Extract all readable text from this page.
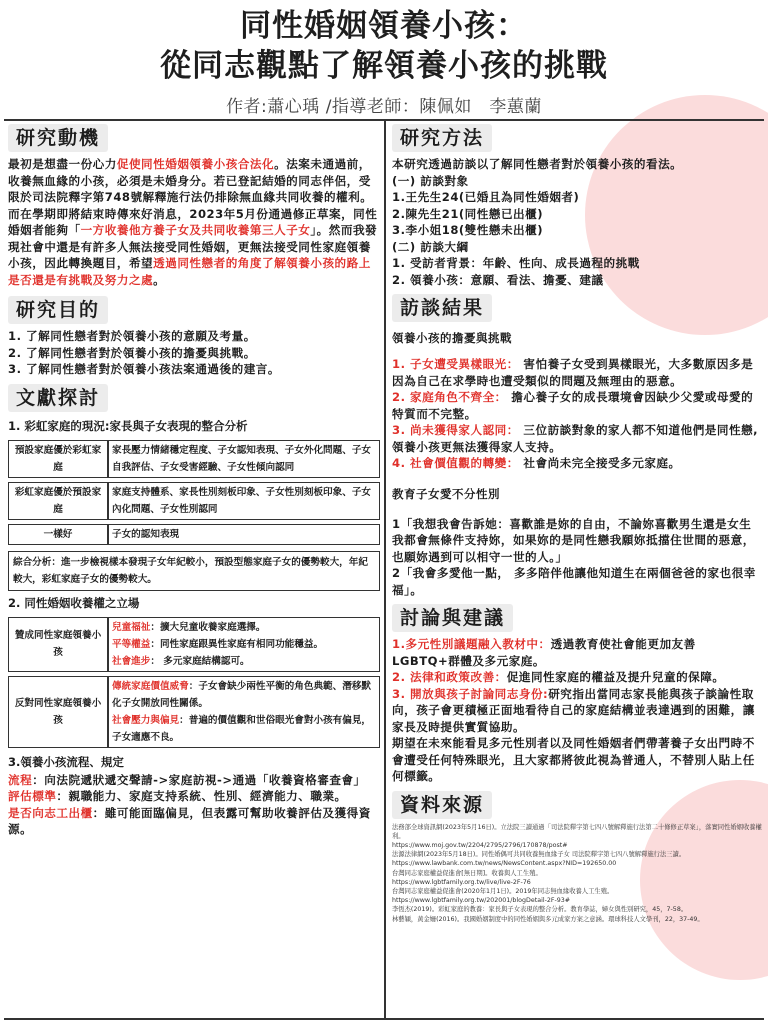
同性婚姻領養小孩：
從同志觀點了解領養小孩的挑戰
作者:蕭心瑀 /指導老師：陳佩如　李蕙蘭
研究動機
最初是想盡一份心力促使同性婚姻領養小孩合法化。法案未通過前，收養無血緣的小孩，必須是未婚身分。若已登記結婚的同志伴侶，受限於司法院釋字第748號解釋施行法仍排除無血緣共同收養的權利。而在學期即將結束時傳來好消息，2023年5月份通過修正草案，同性婚姻者能夠「一方收養他方養子女及共同收養第三人子女」。然而我發現社會中還是有許多人無法接受同性婚姻，更無法接受同性家庭領養小孩，因此轉換題目，希望透過同性戀者的角度了解領養小孩的路上是否還是有挑戰及努力之處。
研究目的
1. 了解同性戀者對於領養小孩的意願及考量。
2. 了解同性戀者對於領養小孩的擔憂與挑戰。
3. 了解同性戀者對於領養小孩法案通過後的建言。
文獻探討
1. 彩虹家庭的現況:家長與子女表現的整合分析
預設家庭優於彩虹家庭	家長壓力情緒穩定程度、子女認知表現、子女外化問題、子女自我評估、子女受害經驗、子女性傾向認同
彩虹家庭優於預設家庭	家庭支持體系、家長性別刻板印象、子女性別刻板印象、子女內化問題、子女性別認同
一樣好	子女的認知表現
綜合分析：進一步檢視樣本發現子女年紀較小，預設型態家庭子女的優勢較大，年紀較大，彩虹家庭子女的優勢較大。
2. 同性婚姻收養權之立場
贊成同性家庭領養小孩	兒童福祉：擴大兒童收養家庭選擇。
平等權益：同性家庭跟異性家庭有相同功能穩益。
社會進步： 多元家庭結構認可。

反對同性家庭領養小孩	傳統家庭價值威脅：子女會缺少兩性平衡的角色典範、潛移默化子女開放同性關係。
社會壓力與偏見：普遍的價值觀和世俗眼光會對小孩有偏見，子女適應不良。
3.領養小孩流程、規定
流程：向法院遞狀遞交聲請->家庭訪視->通過「收養資格審查會」
評估標準：親職能力、家庭支持系統、性別、經濟能力、職業。
是否向志工出櫃：雖可能面臨偏見，但表露可幫助收養評估及獲得資源。
研究方法
本研究透過訪談以了解同性戀者對於領養小孩的看法。
(一) 訪談對象
1.王先生24(已婚且為同性婚姻者)
2.陳先生21(同性戀已出櫃)
3.李小姐18(雙性戀未出櫃)
(二) 訪談大綱
1. 受訪者背景：年齡、性向、成長過程的挑戰
2. 領養小孩：意願、看法、擔憂、建議
訪談結果
領養小孩的擔憂與挑戰
1. 子女遭受異樣眼光： 害怕養子女受到異樣眼光，大多數原因多是因為自己在求學時也遭受類似的問題及無理由的惡意。
2. 家庭角色不齊全： 擔心養子女的成長環境會因缺少父愛或母愛的特質而不完整。
3. 尚未獲得家人認同： 三位訪談對象的家人都不知道他們是同性戀,領養小孩更無法獲得家人支持。
4. 社會價值觀的轉變： 社會尚未完全接受多元家庭。
教育子女愛不分性別
1「我想我會告訴她：喜歡誰是妳的自由，不論妳喜歡男生還是女生我都會無條件支持妳，如果妳的是同性戀我願妳抵擋住世間的惡意，也願妳遇到可以相守一世的人。」
2「我會多愛他一點， 多多陪伴他讓他知道生在兩個爸爸的家也很幸福」。
討論與建議
1.多元性別議題融入教材中：透過教育使社會能更加友善LGBTQ+群體及多元家庭。
2. 法律和政策改善：促進同性家庭的權益及提升兒童的保障。
3. 開放與孩子討論同志身份:研究指出當同志家長能與孩子談論性取向，孩子會更積極正面地看待自己的家庭結構並表達遇到的困難，讓家長及時提供實質協助。
期望在未來能看見多元性別者以及同性婚姻者們帶著養子女出門時不會遭受任何特殊眼光，且大家都將彼此視為普通人，不替別人貼上任何標籤。
資料來源
法務部全球資訊網(2023年5月16日)。立法院三讀通過「司法院釋字第七四八號解釋施行法第二十條修正草案」，落實同性婚姻收養權利。
https://www.moj.gov.tw/2204/2795/2796/170878/post#
法源法律網(2023年5月18日)。同性婚偶可共同收養無血緣子女 司法院釋字第七四八號解釋施行法三讀。
https://www.lawbank.com.tw/news/NewsContent.aspx?NID=192650.00
台灣同志家庭權益促進會[無日期]。收養與人工生殖。
https://www.lgbtfamily.org.tw/live/live-2F-76
台灣同志家庭權益促進會(2020年1月1日)。2019年同志無血緣收養人工生殖。
https://www.lgbtfamily.org.tw/202001/blogDetail-2F-93#
李恆杰(2019)。彩虹家庭的教養：家長與子女表現的整合分析。教育學誌，婦女與性別研究，45，7-58。
林藝穎，黃金姍(2016)。我國婚姻制度中的同性婚姻與多元成家方案之意涵。環球科技人文學刊，22，37-49。
